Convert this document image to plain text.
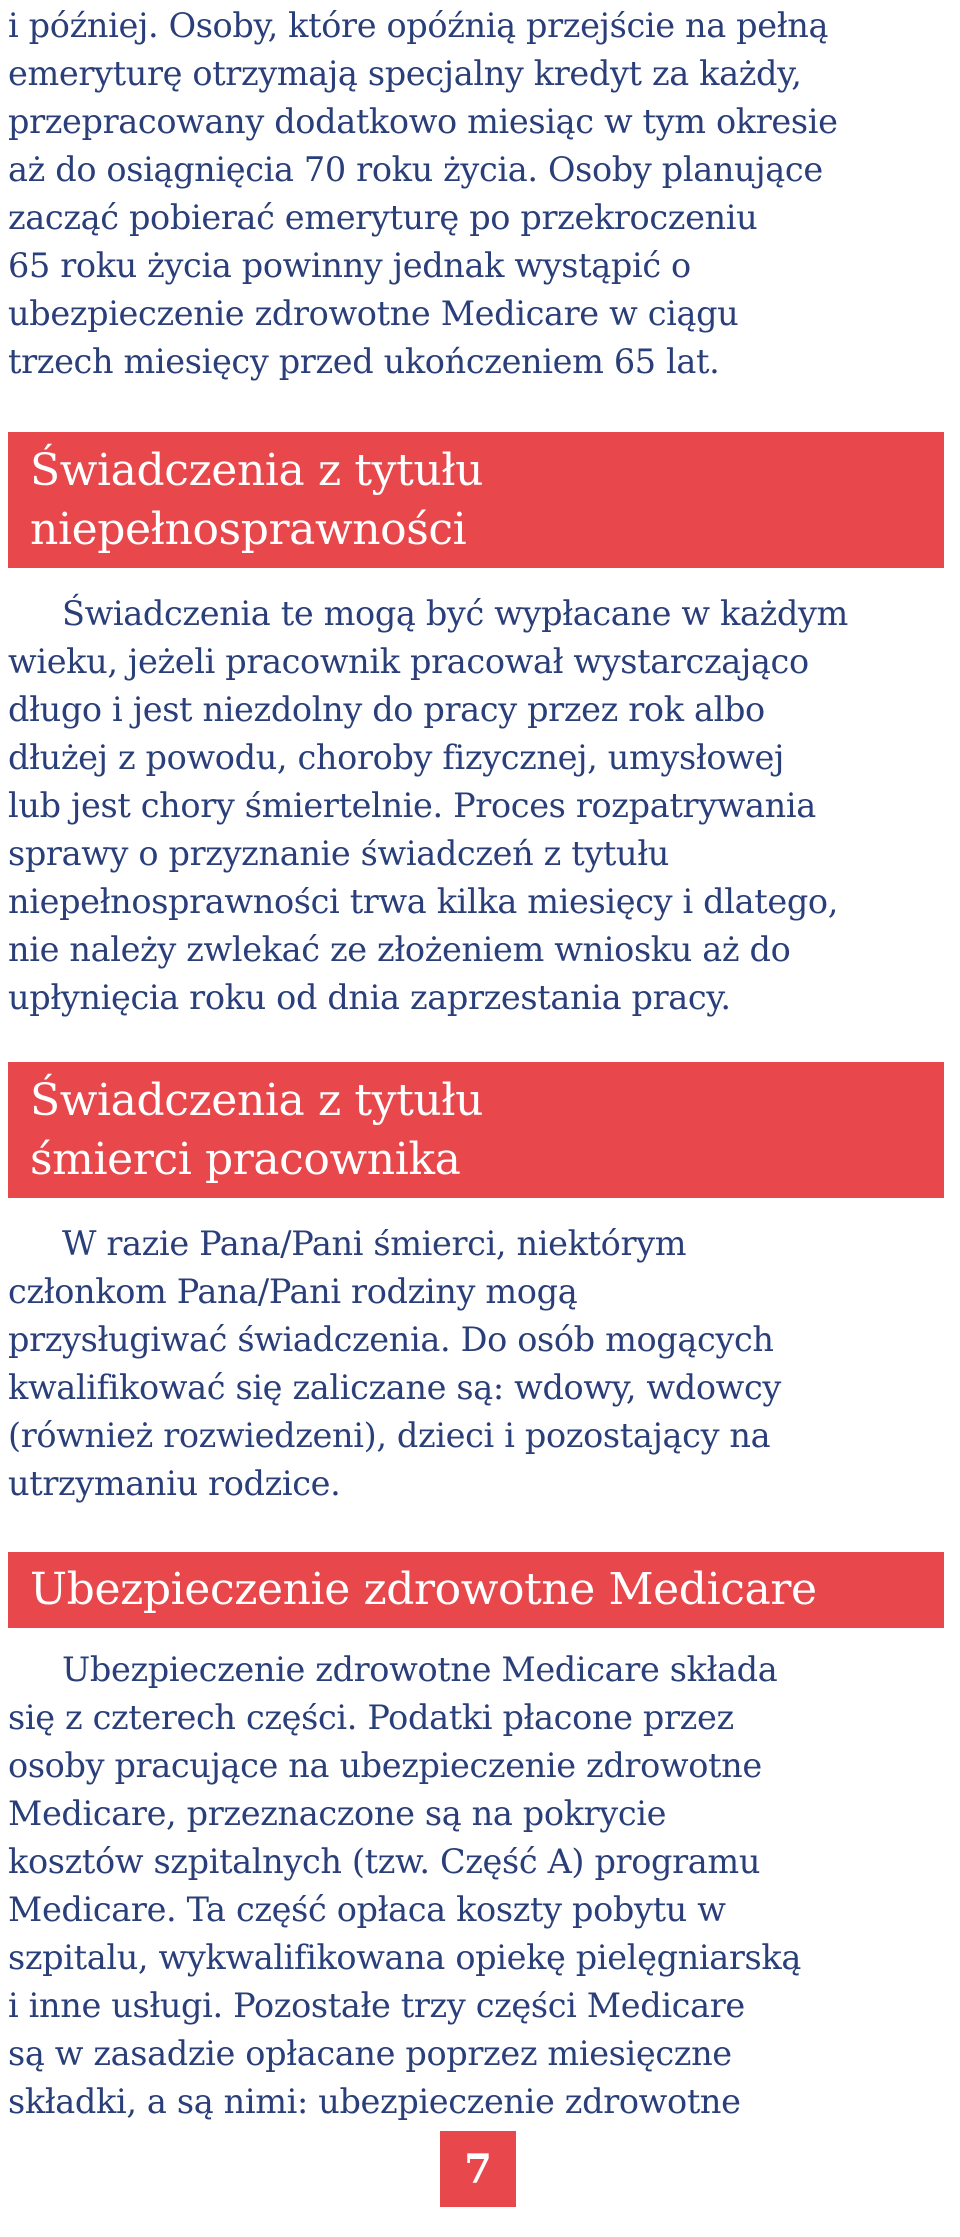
i później. Osoby, które opóźnią przejście na pełną
emeryturę otrzymają specjalny kredyt za każdy,
przepracowany dodatkowo miesiąc w tym okresie
aż do osiągnięcia 70 roku życia. Osoby planujące
zacząć pobierać emeryturę po przekroczeniu
65 roku życia powinny jednak wystąpić o
ubezpieczenie zdrowotne Medicare w ciągu
trzech miesięcy przed ukończeniem 65 lat.

Świadczenia z tytułu
niepełnosprawności

Świadczenia te mogą być wypłacane w każdym
wieku, jeżeli pracownik pracował wystarczająco
długo i jest niezdolny do pracy przez rok albo
dłużej z powodu, choroby fizycznej, umysłowej
lub jest chory śmiertelnie. Proces rozpatrywania
sprawy o przyznanie świadczeń z tytułu
niepełnosprawności trwa kilka miesięcy i dlatego,
nie należy zwlekać ze złożeniem wniosku aż do
upłynięcia roku od dnia zaprzestania pracy.

Świadczenia z tytułu
śmierci pracownika

W razie Pana/Pani śmierci, niektórym
członkom Pana/Pani rodziny mogą
przysługiwać świadczenia. Do osób mogących
kwalifikować się zaliczane są: wdowy, wdowcy
(również rozwiedzeni), dzieci i pozostający na
utrzymaniu rodzice.

Ubezpieczenie zdrowotne Medicare

Ubezpieczenie zdrowotne Medicare składa
się z czterech części. Podatki płacone przez
osoby pracujące na ubezpieczenie zdrowotne
Medicare, przeznaczone są na pokrycie
kosztów szpitalnych (tzw. Część A) programu
Medicare. Ta część opłaca koszty pobytu w
szpitalu, wykwalifikowana opiekę pielęgniarską
i inne usługi. Pozostałe trzy części Medicare
są w zasadzie opłacane poprzez miesięczne
składki, a są nimi: ubezpieczenie zdrowotne

7
